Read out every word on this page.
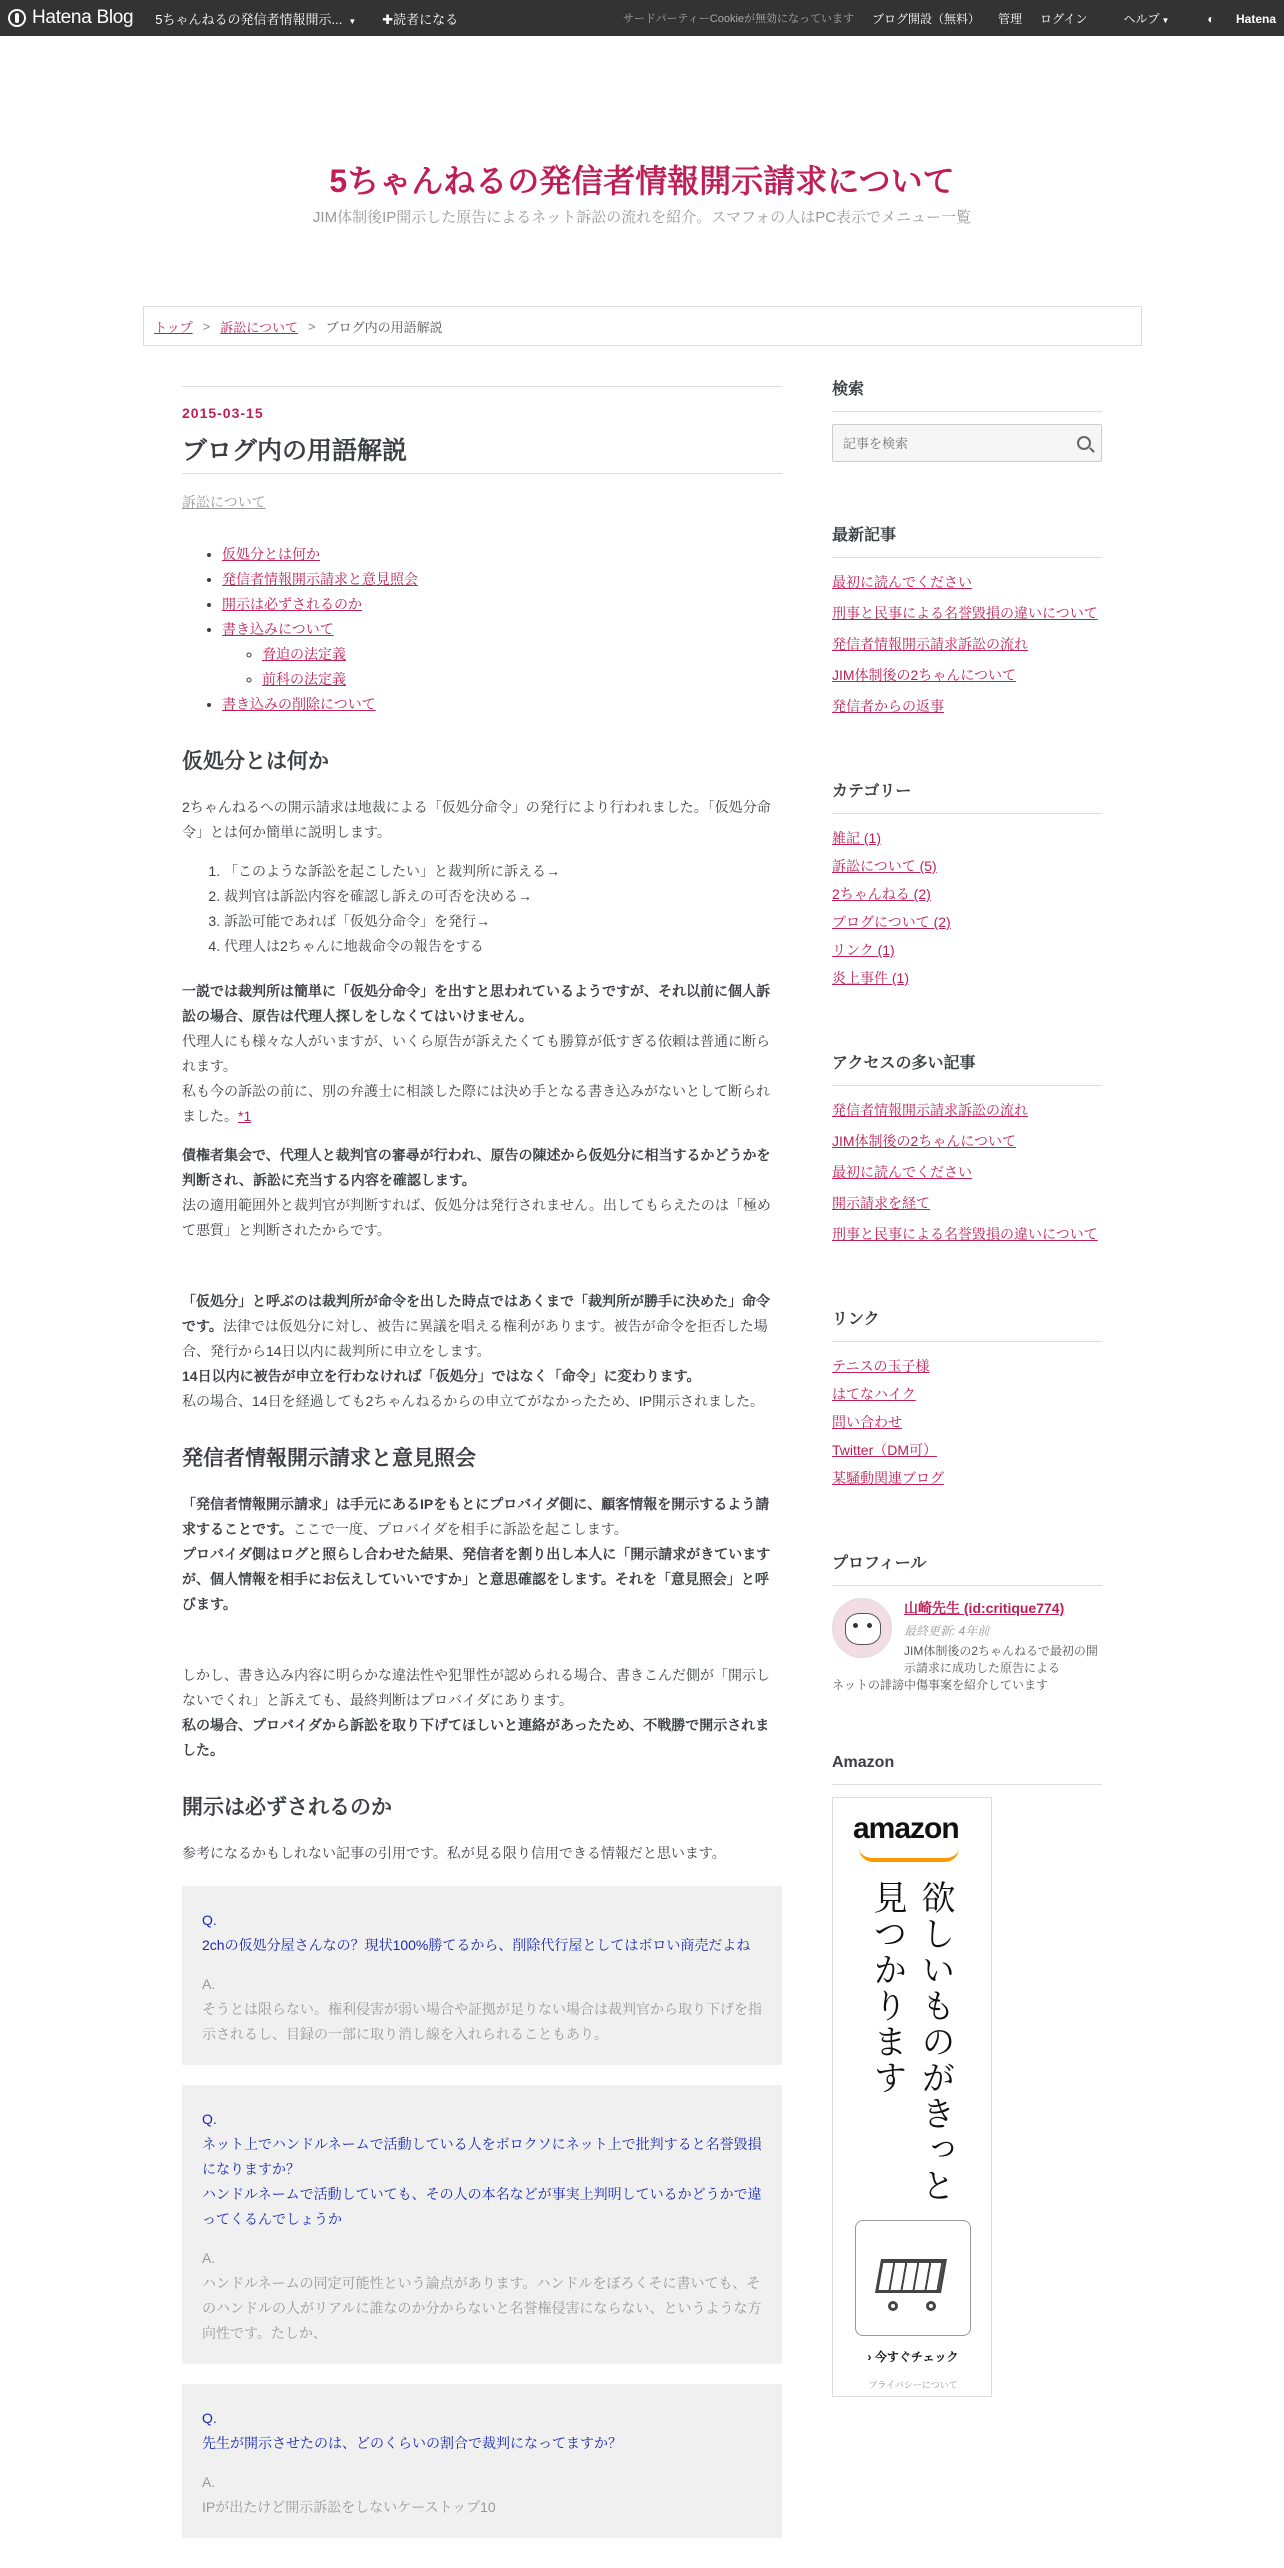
Hatena Blog 5ちゃんねるの発信者情報開示... ▼ ✚読者になる	サードパーティーCookieが無効になっています ブログ開設（無料） 管理 ログイン	ヘルプ ▼	◐ Hatena
5ちゃんねるの発信者情報開示請求について
JIM体制後IP開示した原告によるネット訴訟の流れを紹介。スマフォの人はPC表示でメニュー一覧
トップ > 訴訟について > ブログ内の用語解説
2015-03-15
ブログ内の用語解説
訴訟について
• 仮処分とは何か
• 発信者情報開示請求と意見照会
• 開示は必ずされるのか
• 書き込みについて
◦ 脅迫の法定義
◦ 前科の法定義
• 書き込みの削除について
仮処分とは何か
2ちゃんねるへの開示請求は地裁による「仮処分命令」の発行により行われました。「仮処分命令」とは何か簡単に説明します。
1. 「このような訴訟を起こしたい」と裁判所に訴える→
2. 裁判官は訴訟内容を確認し訴えの可否を決める→
3. 訴訟可能であれば「仮処分命令」を発行→
4. 代理人は2ちゃんに地裁命令の報告をする
一説では裁判所は簡単に「仮処分命令」を出すと思われているようですが、それ以前に個人訴訟の場合、原告は代理人探しをしなくてはいけません。
代理人にも様々な人がいますが、いくら原告が訴えたくても勝算が低すぎる依頼は普通に断られます。
私も今の訴訟の前に、別の弁護士に相談した際には決め手となる書き込みがないとして断られました。*1
債権者集会で、代理人と裁判官の審尋が行われ、原告の陳述から仮処分に相当するかどうかを判断され、訴訟に充当する内容を確認します。
法の適用範囲外と裁判官が判断すれば、仮処分は発行されません。出してもらえたのは「極めて悪質」と判断されたからです。
「仮処分」と呼ぶのは裁判所が命令を出した時点ではあくまで「裁判所が勝手に決めた」命令です。法律では仮処分に対し、被告に異議を唱える権利があります。被告が命令を拒否した場合、発行から14日以内に裁判所に申立をします。
14日以内に被告が申立を行わなければ「仮処分」ではなく「命令」に変わります。
私の場合、14日を経過しても2ちゃんねるからの申立てがなかったため、IP開示されました。
発信者情報開示請求と意見照会
「発信者情報開示請求」は手元にあるIPをもとにプロバイダ側に、顧客情報を開示するよう請求することです。ここで一度、プロバイダを相手に訴訟を起こします。
プロバイダ側はログと照らし合わせた結果、発信者を割り出し本人に「開示請求がきていますが、個人情報を相手にお伝えしていいですか」と意思確認をします。それを「意見照会」と呼びます。
しかし、書き込み内容に明らかな違法性や犯罪性が認められる場合、書きこんだ側が「開示しないでくれ」と訴えても、最終判断はプロバイダにあります。
私の場合、プロバイダから訴訟を取り下げてほしいと連絡があったため、不戦勝で開示されました。
開示は必ずされるのか
参考になるかもしれない記事の引用です。私が見る限り信用できる情報だと思います。
Q.
2chの仮処分屋さんなの？現状100%勝てるから、削除代行屋としてはボロい商売だよね
A.
そうとは限らない。権利侵害が弱い場合や証拠が足りない場合は裁判官から取り下げを指示されるし、目録の一部に取り消し線を入れられることもあり。
Q.
ネット上でハンドルネームで活動している人をボロクソにネット上で批判すると名誉毀損になりますか？
ハンドルネームで活動していても、その人の本名などが事実上判明しているかどうかで違ってくるんでしょうか
A.
ハンドルネームの同定可能性という論点があります。ハンドルをぼろくそに書いても、そのハンドルの人がリアルに誰なのか分からないと名誉権侵害にならない、というような方向性です。たしか、
Q.
先生が開示させたのは、どのくらいの割合で裁判になってますか？
A.
IPが出たけど開示訴訟をしないケーストップ10
検索
記事を検索
最新記事
最初に読んでください
刑事と民事による名誉毀損の違いについて
発信者情報開示請求訴訟の流れ
JIM体制後の2ちゃんについて
発信者からの返事
カテゴリー
雑記 (1)
訴訟について (5)
2ちゃんねる (2)
ブログについて (2)
リンク (1)
炎上事件 (1)
アクセスの多い記事
発信者情報開示請求訴訟の流れ
JIM体制後の2ちゃんについて
最初に読んでください
開示請求を経て
刑事と民事による名誉毀損の違いについて
リンク
テニスの玉子様
はてなハイク
問い合わせ
Twitter（DM可）
某騒動関連ブログ
プロフィール
山崎先生 (id:critique774)
最終更新: 4年前
JIM体制後の2ちゃんねるで最初の開示請求に成功した原告による
ネットの誹謗中傷事案を紹介しています
Amazon
amazon
欲しいものがきっと見つかります
› 今すぐチェック
プライバシーについて
